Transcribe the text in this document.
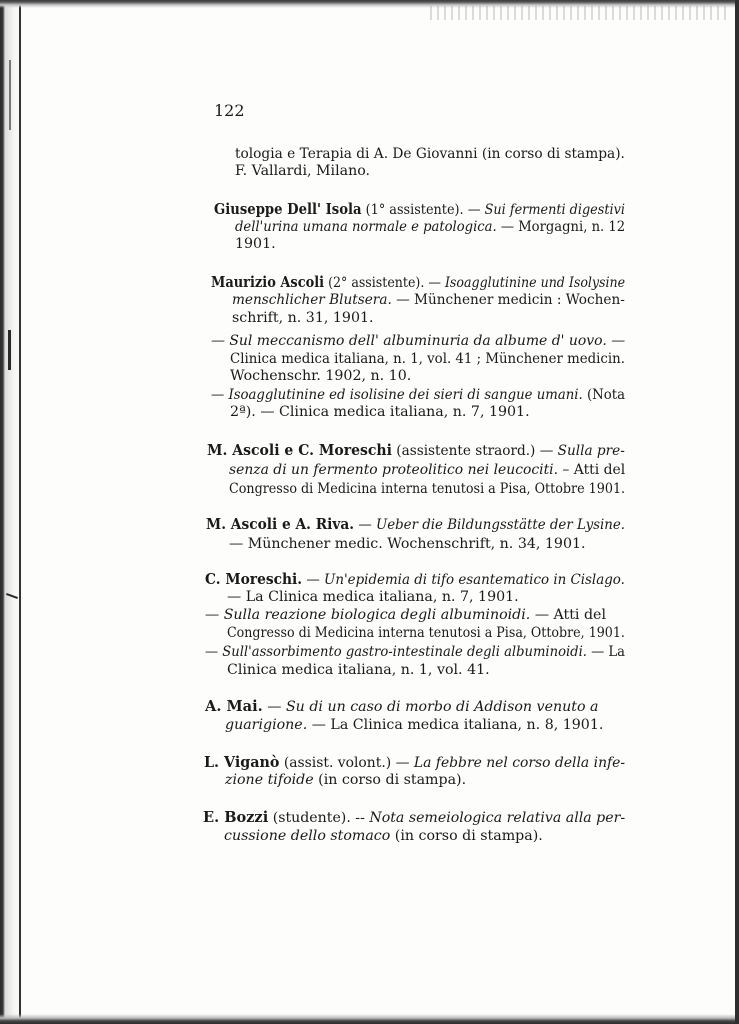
122
tologia e Terapia di A. De Giovanni (in corso di stampa).
F. Vallardi, Milano.
Giuseppe Dell' Isola (1° assistente). — Sui fermenti digestivi
dell'urina umana normale e patologica. — Morgagni, n. 12
1901.
Maurizio Ascoli (2° assistente). — Isoagglutinine und Isolysine
menschlicher Blutsera. — Münchener medicin : Wochen-
schrift, n. 31, 1901.
— Sul meccanismo dell' albuminuria da albume d' uovo. —
Clinica medica italiana, n. 1, vol. 41 ; Münchener medicin.
Wochenschr. 1902, n. 10.
— Isoagglutinine ed isolisine dei sieri di sangue umani. (Nota
2ª). — Clinica medica italiana, n. 7, 1901.
M. Ascoli e C. Moreschi (assistente straord.) — Sulla pre-
senza di un fermento proteolitico nei leucociti. – Atti del
Congresso di Medicina interna tenutosi a Pisa, Ottobre 1901.
M. Ascoli e A. Riva. — Ueber die Bildungsstätte der Lysine.
— Münchener medic. Wochenschrift, n. 34, 1901.
C. Moreschi. — Un'epidemia di tifo esantematico in Cislago.
— La Clinica medica italiana, n. 7, 1901.
— Sulla reazione biologica degli albuminoidi. — Atti del
Congresso di Medicina interna tenutosi a Pisa, Ottobre, 1901.
— Sull'assorbimento gastro-intestinale degli albuminoidi. — La
Clinica medica italiana, n. 1, vol. 41.
A. Mai. — Su di un caso di morbo di Addison venuto a
guarigione. — La Clinica medica italiana, n. 8, 1901.
L. Viganò (assist. volont.) — La febbre nel corso della infe-
zione tifoide (in corso di stampa).
E. Bozzi (studente). -- Nota semeiologica relativa alla per-
cussione dello stomaco (in corso di stampa).
